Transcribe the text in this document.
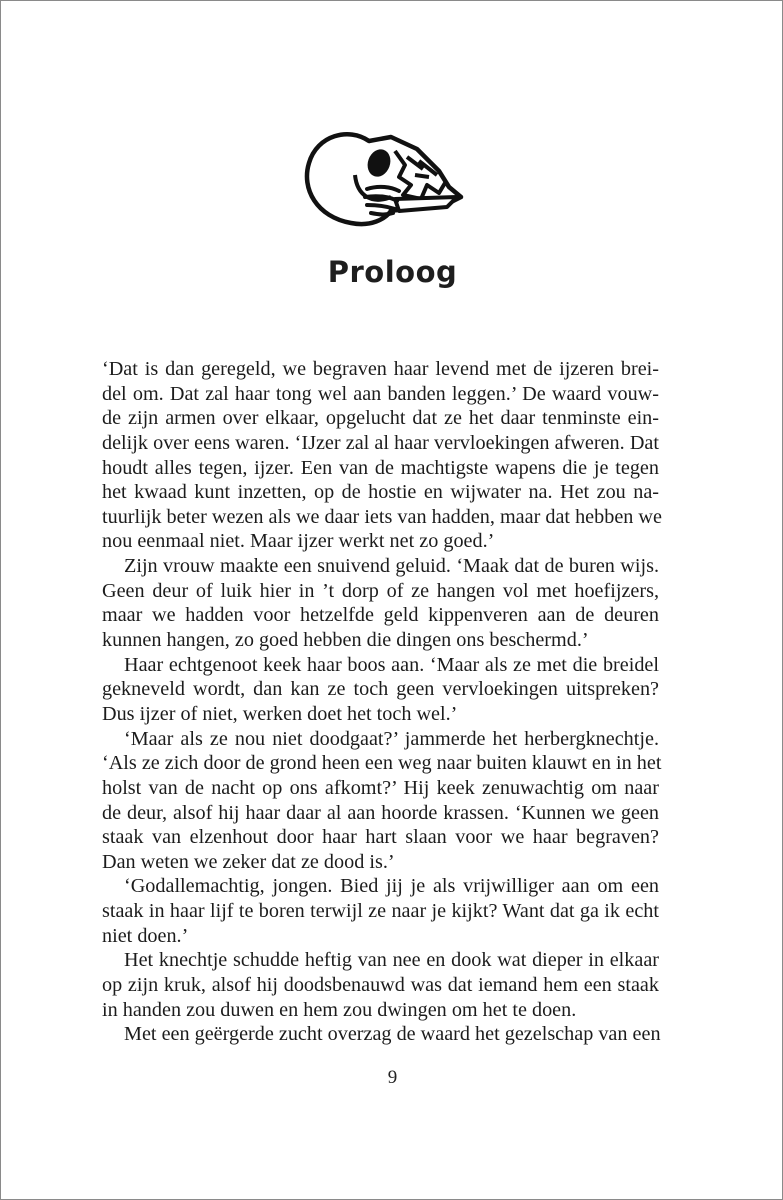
Proloog
‘Dat is dan geregeld, we begraven haar levend met de ijzeren brei-
del om. Dat zal haar tong wel aan banden leggen.’ De waard vouw-
de zijn armen over elkaar, opgelucht dat ze het daar tenminste ein-
delijk over eens waren. ‘IJzer zal al haar vervloekingen afweren. Dat
houdt alles tegen, ijzer. Een van de machtigste wapens die je tegen
het kwaad kunt inzetten, op de hostie en wijwater na. Het zou na-
tuurlijk beter wezen als we daar iets van hadden, maar dat hebben we
nou eenmaal niet. Maar ijzer werkt net zo goed.’
Zijn vrouw maakte een snuivend geluid. ‘Maak dat de buren wijs.
Geen deur of luik hier in ’t dorp of ze hangen vol met hoefijzers,
maar we hadden voor hetzelfde geld kippenveren aan de deuren
kunnen hangen, zo goed hebben die dingen ons beschermd.’
Haar echtgenoot keek haar boos aan. ‘Maar als ze met die breidel
gekneveld wordt, dan kan ze toch geen vervloekingen uitspreken?
Dus ijzer of niet, werken doet het toch wel.’
‘Maar als ze nou niet doodgaat?’ jammerde het herbergknechtje.
‘Als ze zich door de grond heen een weg naar buiten klauwt en in het
holst van de nacht op ons afkomt?’ Hij keek zenuwachtig om naar
de deur, alsof hij haar daar al aan hoorde krassen. ‘Kunnen we geen
staak van elzenhout door haar hart slaan voor we haar begraven?
Dan weten we zeker dat ze dood is.’
‘Godallemachtig, jongen. Bied jij je als vrijwilliger aan om een
staak in haar lijf te boren terwijl ze naar je kijkt? Want dat ga ik echt
niet doen.’
Het knechtje schudde heftig van nee en dook wat dieper in elkaar
op zijn kruk, alsof hij doodsbenauwd was dat iemand hem een staak
in handen zou duwen en hem zou dwingen om het te doen.
Met een geërgerde zucht overzag de waard het gezelschap van een
9
